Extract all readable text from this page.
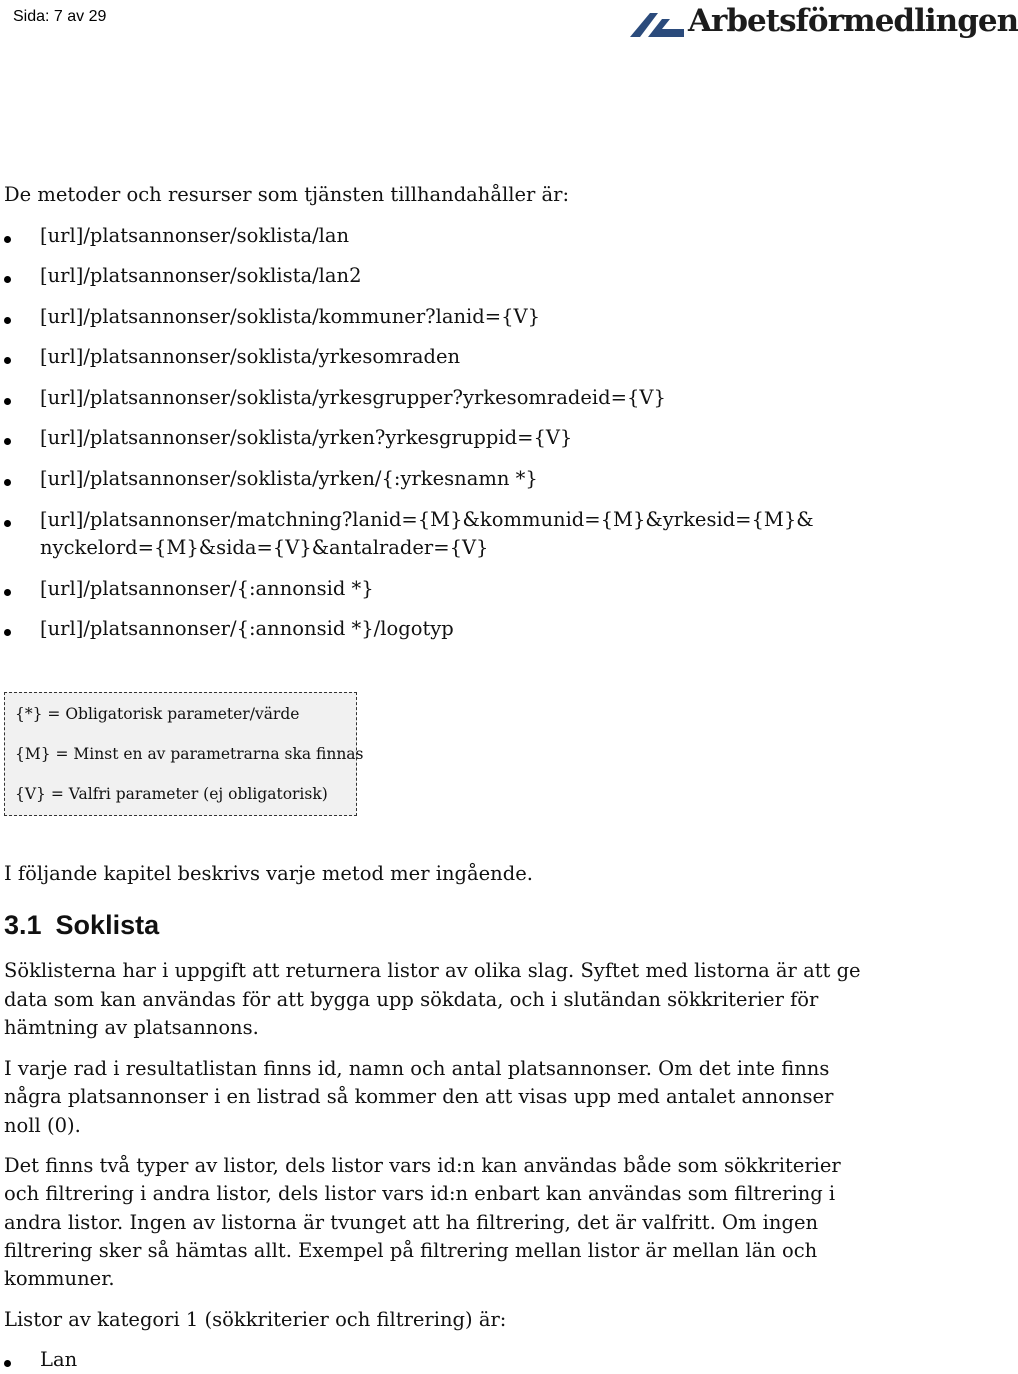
Sida: 7 av 29	Arbetsförmedlingen
De metoder och resurser som tjänsten tillhandahåller är:
[url]/platsannonser/soklista/lan
[url]/platsannonser/soklista/lan2
[url]/platsannonser/soklista/kommuner?lanid={V}
[url]/platsannonser/soklista/yrkesomraden
[url]/platsannonser/soklista/yrkesgrupper?yrkesomradeid={V}
[url]/platsannonser/soklista/yrken?yrkesgruppid={V}
[url]/platsannonser/soklista/yrken/{:yrkesnamn *}
[url]/platsannonser/matchning?lanid={M}&kommunid={M}&yrkesid={M}&
nyckelord={M}&sida={V}&antalrader={V}
[url]/platsannonser/{:annonsid *}
[url]/platsannonser/{:annonsid *}/logotyp
{*} = Obligatorisk parameter/värde
{M} = Minst en av parametrarna ska finnas
{V} = Valfri parameter (ej obligatorisk)
I följande kapitel beskrivs varje metod mer ingående.
3.1 Soklista
Söklisterna har i uppgift att returnera listor av olika slag. Syftet med listorna är att ge
data som kan användas för att bygga upp sökdata, och i slutändan sökkriterier för
hämtning av platsannons.
I varje rad i resultatlistan finns id, namn och antal platsannonser. Om det inte finns
några platsannonser i en listrad så kommer den att visas upp med antalet annonser
noll (0).
Det finns två typer av listor, dels listor vars id:n kan användas både som sökkriterier
och filtrering i andra listor, dels listor vars id:n enbart kan användas som filtrering i
andra listor. Ingen av listorna är tvunget att ha filtrering, det är valfritt. Om ingen
filtrering sker så hämtas allt. Exempel på filtrering mellan listor är mellan län och
kommuner.
Listor av kategori 1 (sökkriterier och filtrering) är:
Lan
